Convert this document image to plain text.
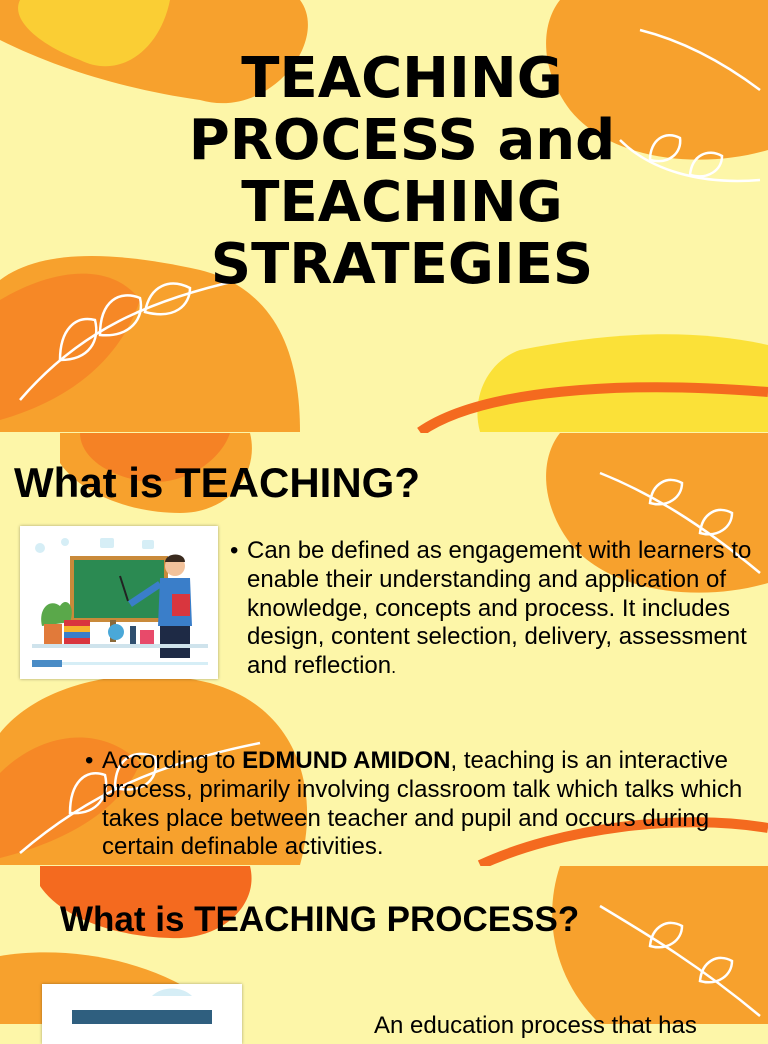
TEACHING
PROCESS and
TEACHING
STRATEGIES
What is TEACHING?
• Can be defined as engagement with learners to enable their understanding and application of knowledge, concepts and process. It includes design, content selection, delivery, assessment and reflection.
• According to EDMUND AMIDON, teaching is an interactive process, primarily involving classroom talk which talks which takes place between teacher and pupil and occurs during certain definable activities.
What is TEACHING PROCESS?
An education process that has
